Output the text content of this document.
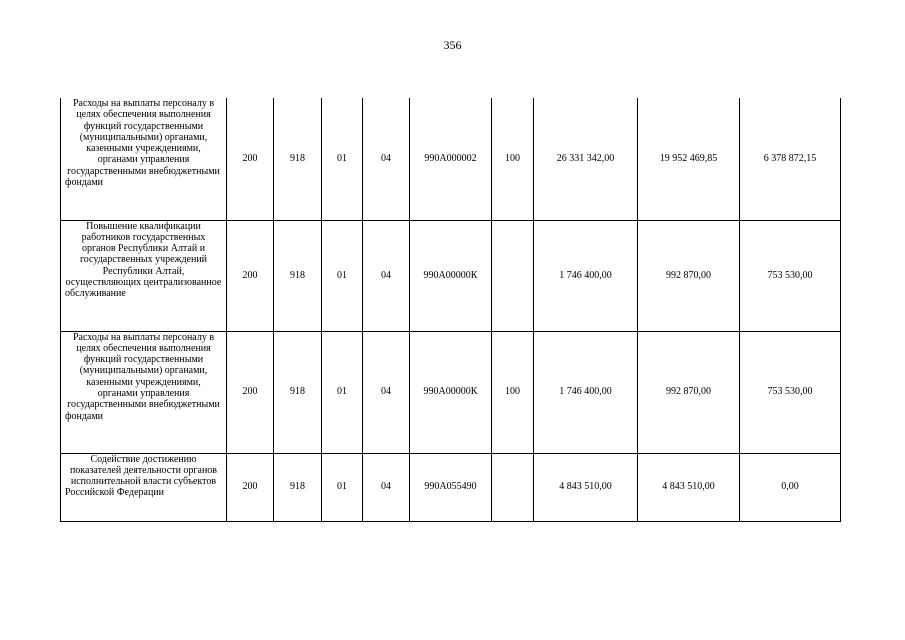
356
Расходы на выплаты персоналу в целях обеспечения выполнения функций государственными (муниципальными) органами, казенными учреждениями, органами управления государственными внебюджетными фондами	200	918	01	04	990А000002	100	26 331 342,00	19 952 469,85	6 378 872,15

Повышение квалификации работников государственных органов Республики Алтай и государственных учреждений Республики Алтай, осуществляющих централизованное обслуживание	200	918	01	04	990А00000К		1 746 400,00	992 870,00	753 530,00

Расходы на выплаты персоналу в целях обеспечения выполнения функций государственными (муниципальными) органами, казенными учреждениями, органами управления государственными внебюджетными фондами	200	918	01	04	990А00000К	100	1 746 400,00	992 870,00	753 530,00

Содействие достижению показателей деятельности органов исполнительной власти субъектов Российской Федерации	200	918	01	04	990А055490		4 843 510,00	4 843 510,00	0,00
